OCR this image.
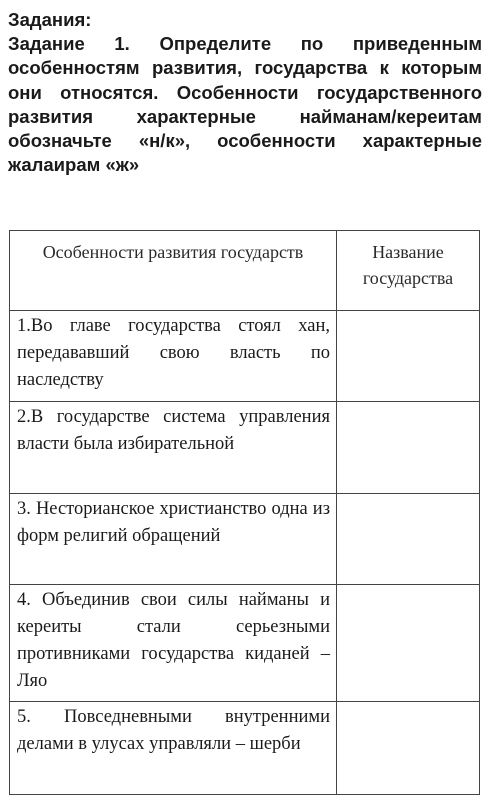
Задания:
Задание 1. Определите по приведенным особенностям развития, государства к которым они относятся. Особенности государственного развития характерные найманам/кереитам обозначьте «н/к», особенности характерные жалаирам «ж»
Особенности развития государств	Название государства
1.Во главе государства стоял хан, передававший свою власть по наследству	
2.В государстве система управления власти была избирательной	
3. Несторианское христианство одна из форм религий обращений	
4. Объединив свои силы найманы и кереиты стали серьезными противниками государства киданей –Ляо	
5. Повседневными внутренними делами в улусах управляли – шерби	
